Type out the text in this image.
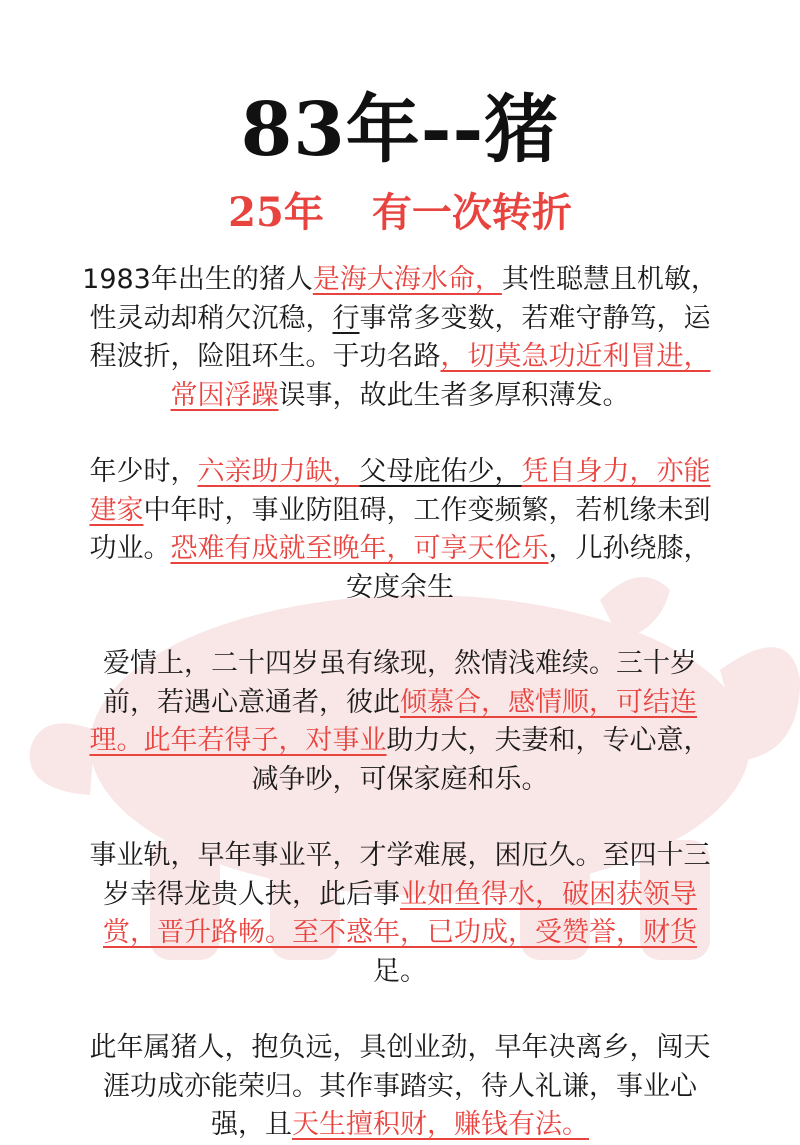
83年--猪
25年 有一次转折
1983年出生的猪人是海大海水命，其性聪慧且机敏，
性灵动却稍欠沉稳，行事常多变数，若难守静笃，运
程波折，险阻环生。于功名路，切莫急功近利冒进，
常因浮躁误事，故此生者多厚积薄发。
年少时，六亲助力缺，父母庇佑少，凭自身力，亦能
建家中年时，事业防阻碍，工作变频繁，若机缘未到
功业。恐难有成就至晚年，可享天伦乐，儿孙绕膝，
安度余生
爱情上，二十四岁虽有缘现，然情浅难续。三十岁
前，若遇心意通者，彼此倾慕合，感情顺，可结连
理。此年若得子，对事业助力大，夫妻和，专心意，
减争吵，可保家庭和乐。
事业轨，早年事业平，才学难展，困厄久。至四十三
岁幸得龙贵人扶，此后事业如鱼得水，破困获领导
赏，晋升路畅。至不惑年，已功成，受赞誉，财货
足。
此年属猪人，抱负远，具创业劲，早年决离乡，闯天
涯功成亦能荣归。其作事踏实，待人礼谦，事业心
强，且天生擅积财，赚钱有法。
